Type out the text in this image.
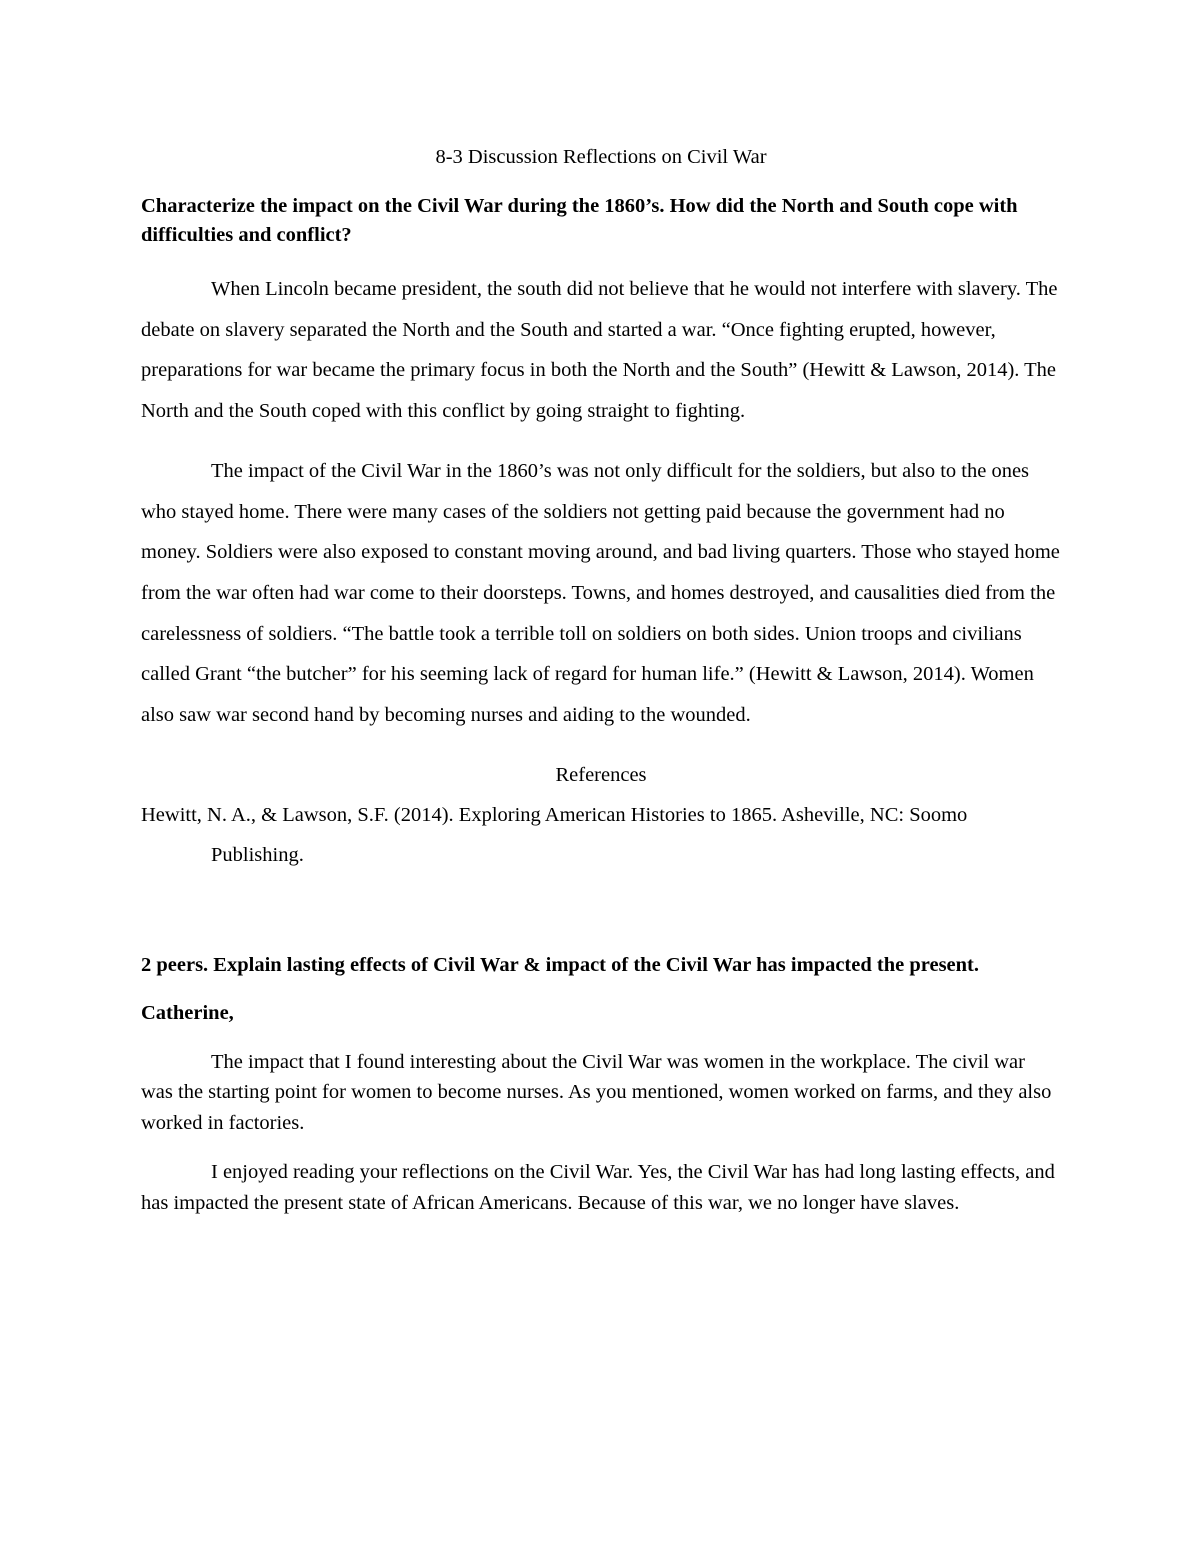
8-3 Discussion Reflections on Civil War

Characterize the impact on the Civil War during the 1860’s. How did the North and South cope with difficulties and conflict?

When Lincoln became president, the south did not believe that he would not interfere with slavery. The debate on slavery separated the North and the South and started a war. “Once fighting erupted, however, preparations for war became the primary focus in both the North and the South” (Hewitt & Lawson, 2014). The North and the South coped with this conflict by going straight to fighting.

The impact of the Civil War in the 1860’s was not only difficult for the soldiers, but also to the ones who stayed home. There were many cases of the soldiers not getting paid because the government had no money. Soldiers were also exposed to constant moving around, and bad living quarters. Those who stayed home from the war often had war come to their doorsteps. Towns, and homes destroyed, and causalities died from the carelessness of soldiers. “The battle took a terrible toll on soldiers on both sides. Union troops and civilians called Grant “the butcher” for his seeming lack of regard for human life.” (Hewitt & Lawson, 2014). Women also saw war second hand by becoming nurses and aiding to the wounded.

References

Hewitt, N. A., & Lawson, S.F. (2014). Exploring American Histories to 1865. Asheville, NC: Soomo Publishing.

2 peers. Explain lasting effects of Civil War & impact of the Civil War has impacted the present.

Catherine,

The impact that I found interesting about the Civil War was women in the workplace. The civil war was the starting point for women to become nurses. As you mentioned, women worked on farms, and they also worked in factories.

I enjoyed reading your reflections on the Civil War. Yes, the Civil War has had long lasting effects, and has impacted the present state of African Americans. Because of this war, we no longer have slaves.
